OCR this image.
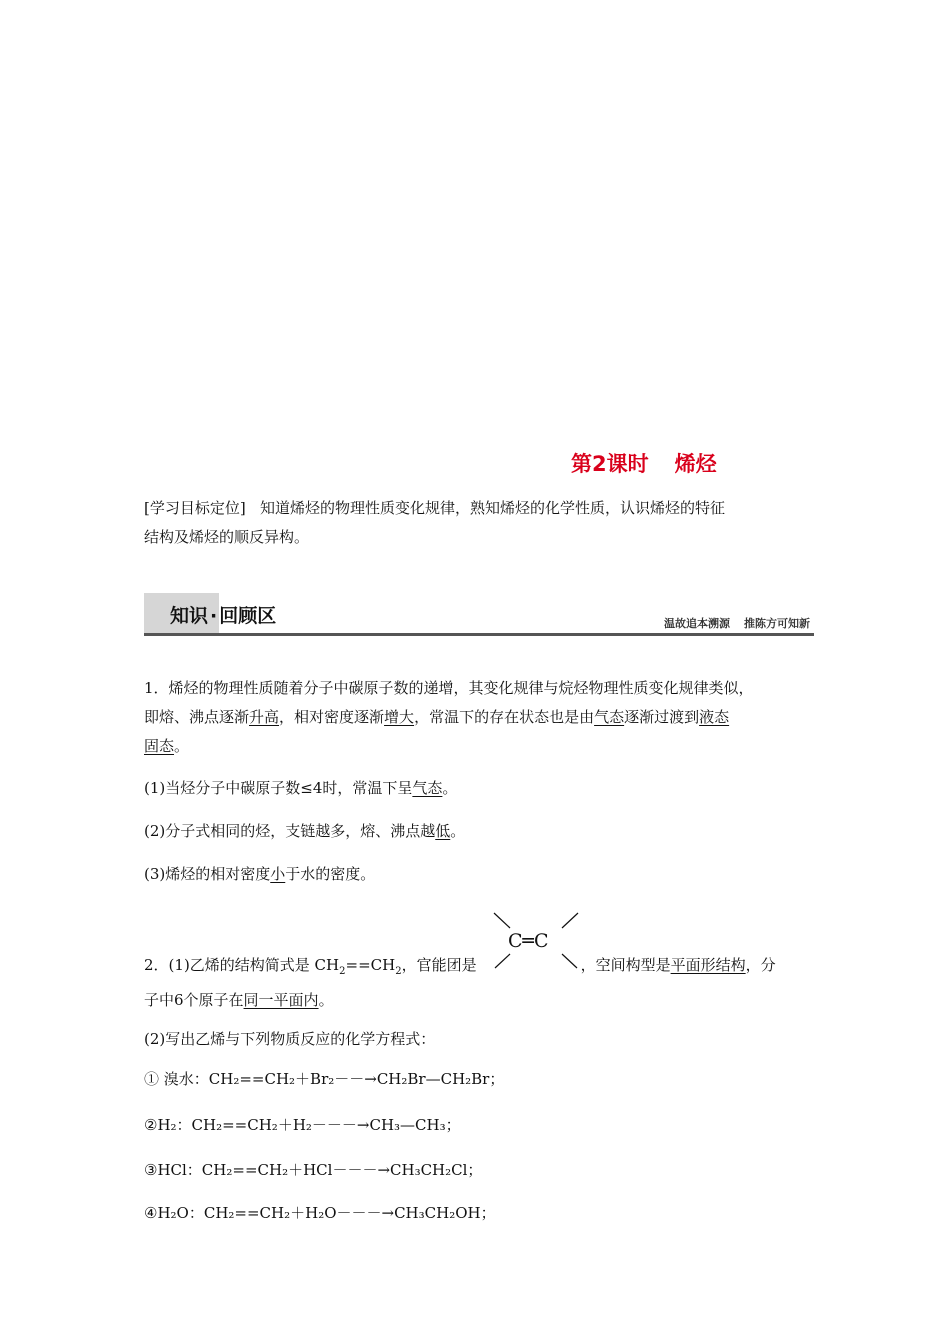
第2课时 烯烃
[学习目标定位] 知道烯烃的物理性质变化规律，熟知烯烃的化学性质，认识烯烃的特征
结构及烯烃的顺反异构。
知识 · 回顾区	温故追本溯源 推陈方可知新
1．烯烃的物理性质随着分子中碳原子数的递增，其变化规律与烷烃物理性质变化规律类似，
即熔、沸点逐渐升高，相对密度逐渐增大，常温下的存在状态也是由气态逐渐过渡到液态
固态。
(1)当烃分子中碳原子数≤4时，常温下呈气态。
(2)分子式相同的烃，支链越多，熔、沸点越低。
(3)烯烃的相对密度小于水的密度。
C═C
2．(1)乙烯的结构简式是 $CH_2==CH_2$，官能团是	，空间构型是平面形结构，分
子中6个原子在同一平面内。
(2)写出乙烯与下列物质反应的化学方程式：
① 溴水：CH₂==CH₂＋Br₂－－→CH₂Br—CH₂Br；
②H₂：CH₂==CH₂＋H₂－－－→CH₃—CH₃；
③HCl：CH₂==CH₂＋HCl－－－→CH₃CH₂Cl；
④H₂O：CH₂==CH₂＋H₂O－－－→CH₃CH₂OH；
